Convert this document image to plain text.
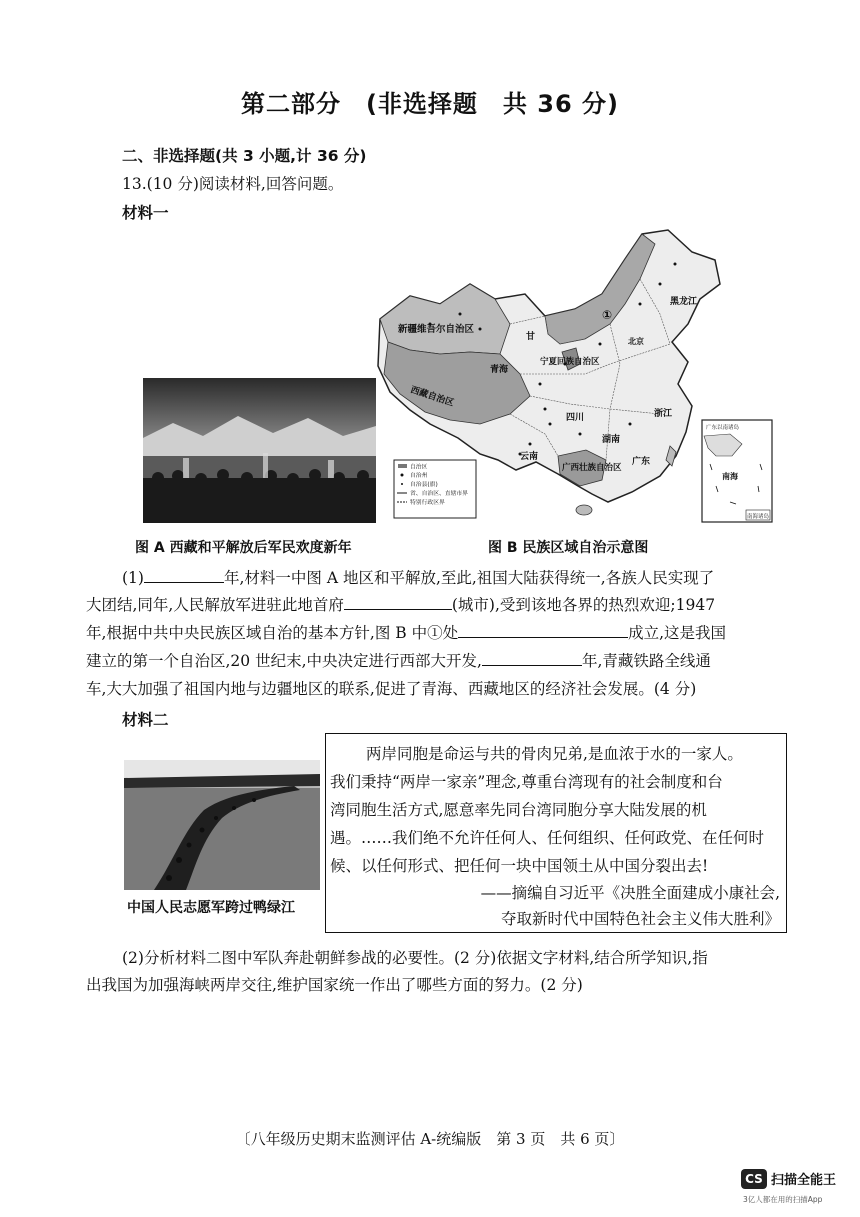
第二部分　(非选择题　共 36 分)
二、非选择题(共 3 小题,计 36 分)
13.(10 分)阅读材料,回答问题。
材料一
新疆维吾尔自治区
西藏自治区
宁夏回族自治区
广西壮族自治区
黑龙江
①
青海
甘
四川
云南
湖南
浙江
广东
北京
自治区
自治州
自治县(旗)
省、自治区、直辖市界
特别行政区界
广东以南诸岛
南海
南海诸岛
图 A 西藏和平解放后军民欢度新年	图 B 民族区域自治示意图
(1)	年,材料一中图 A 地区和平解放,至此,祖国大陆获得统一,各族人民实现了
大团结,同年,人民解放军进驻此地首府	(城市),受到该地各界的热烈欢迎;1947
年,根据中共中央民族区域自治的基本方针,图 B 中①处	成立,这是我国
建立的第一个自治区,20 世纪末,中央决定进行西部大开发,	年,青藏铁路全线通
车,大大加强了祖国内地与边疆地区的联系,促进了青海、西藏地区的经济社会发展。(4 分)
材料二
中国人民志愿军跨过鸭绿江
两岸同胞是命运与共的骨肉兄弟,是血浓于水的一家人。
我们秉持“两岸一家亲”理念,尊重台湾现有的社会制度和台
湾同胞生活方式,愿意率先同台湾同胞分享大陆发展的机
遇。……我们绝不允许任何人、任何组织、任何政党、在任何时
候、以任何形式、把任何一块中国领土从中国分裂出去!
——摘编自习近平《决胜全面建成小康社会,
夺取新时代中国特色社会主义伟大胜利》
(2)分析材料二图中军队奔赴朝鲜参战的必要性。(2 分)依据文字材料,结合所学知识,指
出我国为加强海峡两岸交往,维护国家统一作出了哪些方面的努力。(2 分)
〔八年级历史期末监测评估 A-统编版　第 3 页　共 6 页〕
CS 扫描全能王
3亿人都在用的扫描App
